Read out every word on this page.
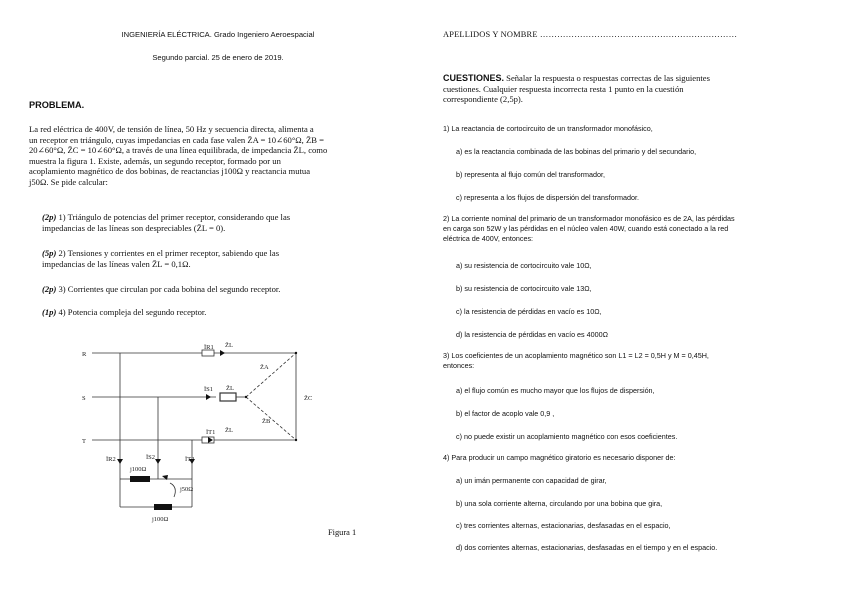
INGENIERÍA ELÉCTRICA. Grado Ingeniero Aeroespacial
Segundo parcial. 25 de enero de 2019.
PROBLEMA.
La red eléctrica de 400V, de tensión de línea, 50 Hz y secuencia directa, alimenta a
un receptor en triángulo, cuyas impedancias en cada fase valen Z̄A = 10∠60°Ω, Z̄B =
20∠60°Ω, Z̄C = 10∠60°Ω, a través de una línea equilibrada, de impedancia Z̄L, como
muestra la figura 1. Existe, además, un segundo receptor, formado por un
acoplamiento magnético de dos bobinas, de reactancias j100Ω y reactancia mutua
j50Ω. Se pide calcular:
(2p) 1) Triángulo de potencias del primer receptor, considerando que las
impedancias de las líneas son despreciables (Z̄L = 0).
(5p) 2) Tensiones y corrientes en el primer receptor, sabiendo que las
impedancias de las líneas valen Z̄L = 0,1Ω.
(2p) 3) Corrientes que circulan por cada bobina del segundo receptor.
(1p) 4) Potencia compleja del segundo receptor.
R
S
T
ĪR1
ĪS1
ĪT1
ĪR2	ĪS2	ĪT2
Z̄L
Z̄L
Z̄L
Z̄A
Z̄B
Z̄C
j100Ω
j100Ω
j50Ω
Figura 1
APELLIDOS Y NOMBRE ……………………………………………………………
CUESTIONES. Señalar la respuesta o respuestas correctas de las siguientes
cuestiones. Cualquier respuesta incorrecta resta 1 punto en la cuestión
correspondiente (2,5p).
1) La reactancia de cortocircuito de un transformador monofásico,
a) es la reactancia combinada de las bobinas del primario y del secundario,
b) representa al flujo común del transformador,
c) representa a los flujos de dispersión del transformador.
2) La corriente nominal del primario de un transformador monofásico es de 2A, las pérdidas
en carga son 52W y las pérdidas en el núcleo valen 40W, cuando está conectado a la red
eléctrica de 400V, entonces:
a) su resistencia de cortocircuito vale 10Ω,
b) su resistencia de cortocircuito vale 13Ω,
c) la resistencia de pérdidas en vacío es 10Ω,
d) la resistencia de pérdidas en vacío es 4000Ω
3) Los coeficientes de un acoplamiento magnético son L1 = L2 = 0,5H y M = 0,45H,
entonces:
a) el flujo común es mucho mayor que los flujos de dispersión,
b) el factor de acoplo vale 0,9 ,
c) no puede existir un acoplamiento magnético con esos coeficientes.
4) Para producir un campo magnético giratorio es necesario disponer de:
a) un imán permanente con capacidad de girar,
b) una sola corriente alterna, circulando por una bobina que gira,
c) tres corrientes alternas, estacionarias, desfasadas en el espacio,
d) dos corrientes alternas, estacionarias, desfasadas en el tiempo y en el espacio.
